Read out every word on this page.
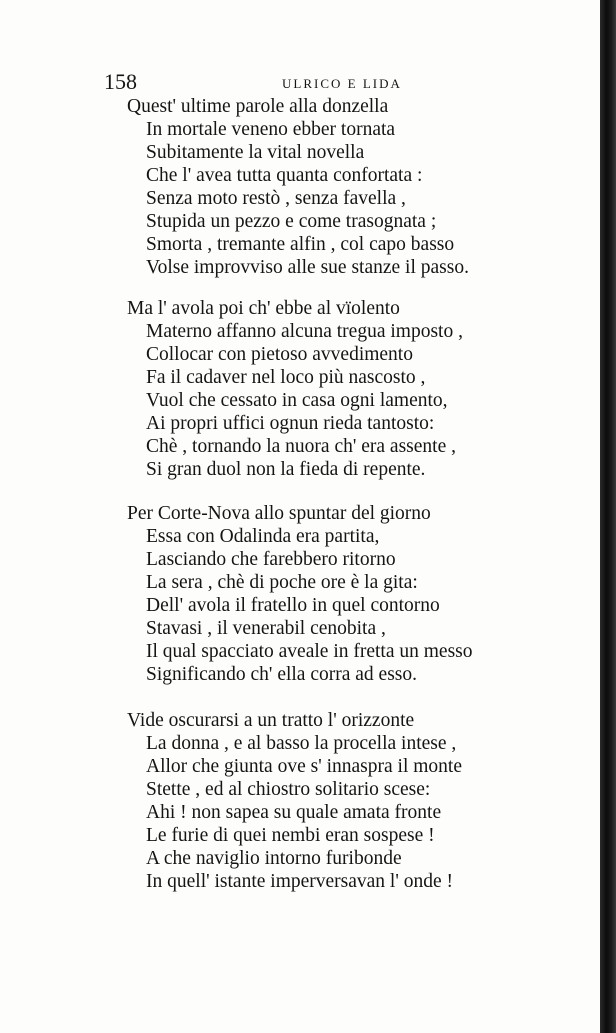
158	ULRICO E LIDA
Quest' ultime parole alla donzella
In mortale veneno ebber tornata
Subitamente la vital novella
Che l' avea tutta quanta confortata :
Senza moto restò , senza favella ,
Stupida un pezzo e come trasognata ;
Smorta , tremante alfin , col capo basso
Volse improvviso alle sue stanze il passo.
Ma l' avola poi ch' ebbe al vïolento
Materno affanno alcuna tregua imposto ,
Collocar con pietoso avvedimento
Fa il cadaver nel loco più nascosto ,
Vuol che cessato in casa ogni lamento,
Ai propri uffici ognun rieda tantosto:
Chè , tornando la nuora ch' era assente ,
Si gran duol non la fieda di repente.
Per Corte-Nova allo spuntar del giorno
Essa con Odalinda era partita,
Lasciando che farebbero ritorno
La sera , chè di poche ore è la gita:
Dell' avola il fratello in quel contorno
Stavasi , il venerabil cenobita ,
Il qual spacciato aveale in fretta un messo
Significando ch' ella corra ad esso.
Vide oscurarsi a un tratto l' orizzonte
La donna , e al basso la procella intese ,
Allor che giunta ove s' innaspra il monte
Stette , ed al chiostro solitario scese:
Ahi ! non sapea su quale amata fronte
Le furie di quei nembi eran sospese !
A che naviglio intorno furibonde
In quell' istante imperversavan l' onde !
